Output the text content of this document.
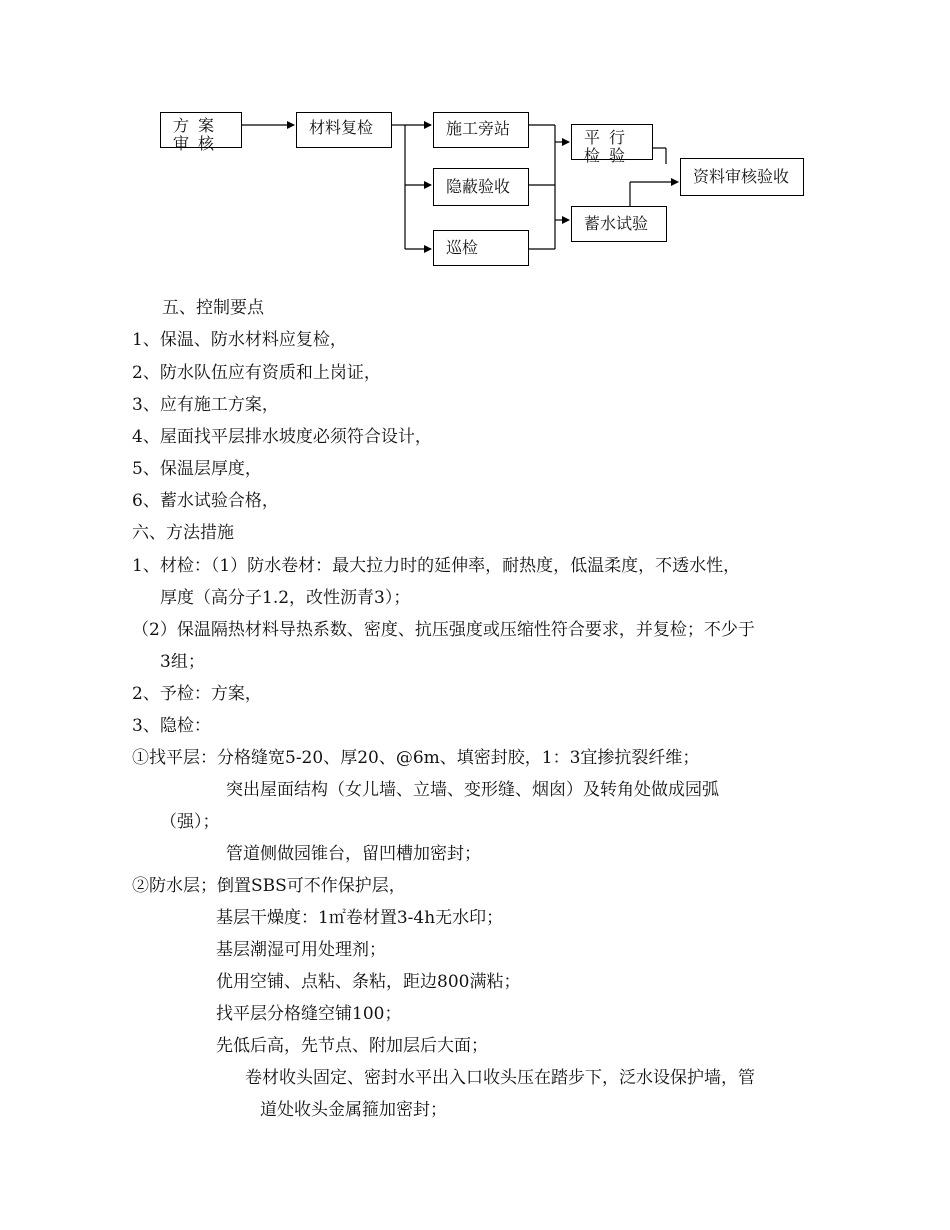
方案审核
材料复检	施工旁站
隐蔽验收
巡检
平行检验
蓄水试验
资料审核验收
五、控制要点
1、保温、防水材料应复检，
2、防水队伍应有资质和上岗证，
3、应有施工方案，
4、屋面找平层排水坡度必须符合设计，
5、保温层厚度，
6、蓄水试验合格，
六、方法措施
1、材检：（1）防水卷材：最大拉力时的延伸率，耐热度，低温柔度，不透水性，
厚度（高分子1.2，改性沥青3）；
（2）保温隔热材料导热系数、密度、抗压强度或压缩性符合要求，并复检；不少于
3组；
2、予检：方案，
3、隐检：
①找平层：分格缝宽5-20、厚20、@6m、填密封胶，1：3宜掺抗裂纤维；
突出屋面结构（女儿墙、立墙、变形缝、烟囱）及转角处做成园弧
（强）；
管道侧做园锥台，留凹槽加密封；
②防水层；倒置SBS可不作保护层，
基层干燥度：1㎡卷材置3-4h无水印；
基层潮湿可用处理剂；
优用空铺、点粘、条粘，距边800满粘；
找平层分格缝空铺100；
先低后高，先节点、附加层后大面；
卷材收头固定、密封水平出入口收头压在踏步下，泛水设保护墙，管
道处收头金属箍加密封；
